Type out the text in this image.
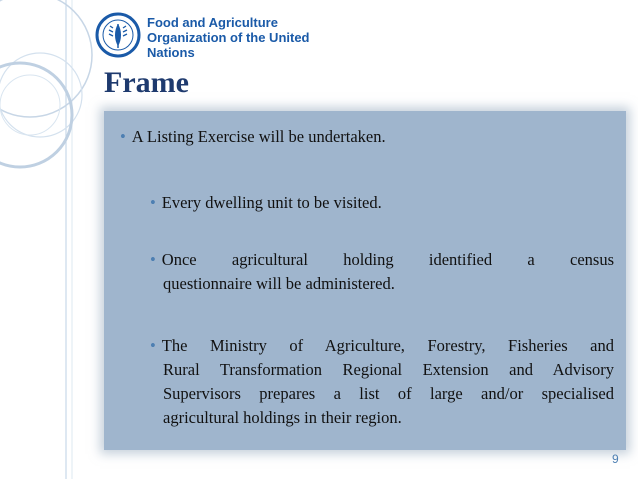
Food and Agriculture Organization of the United Nations
Frame
• A Listing Exercise will be undertaken.
• Every dwelling unit to be visited.
• Once agricultural holding identified a census
questionnaire will be administered.
• The Ministry of Agriculture, Forestry, Fisheries and
Rural Transformation Regional Extension and Advisory
Supervisors prepares a list of large and/or specialised
agricultural holdings in their region.
9
